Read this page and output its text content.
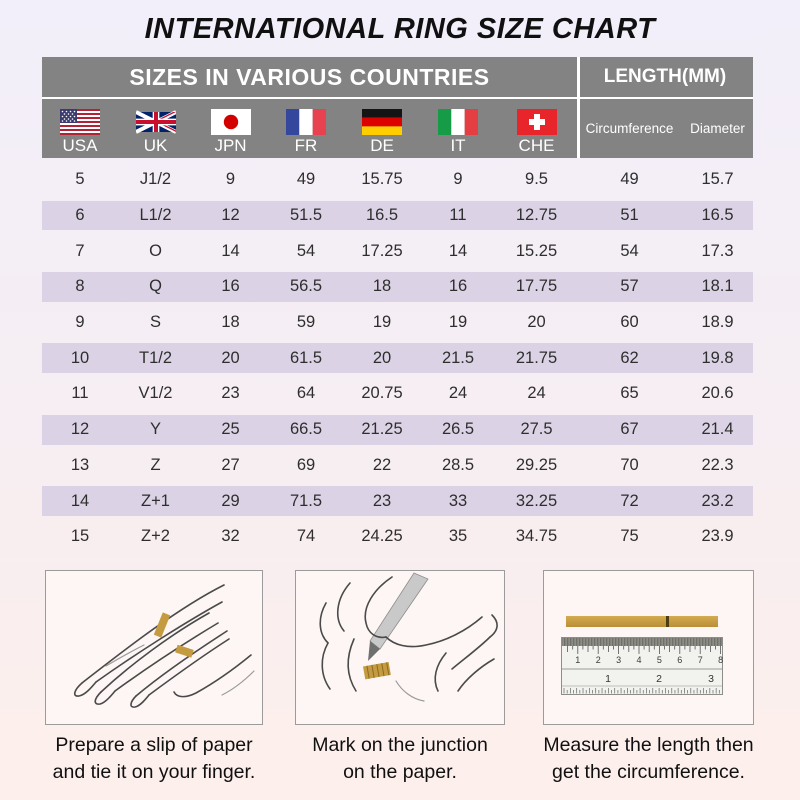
INTERNATIONAL RING SIZE CHART
SIZES IN VARIOUS COUNTRIES	LENGTH(MM)
USA	UK	JPN	FR	DE	IT	CHE
Circumference	Diameter
5	J1/2	9	49	15.75	9	9.5	49	15.7
6	L1/2	12	51.5	16.5	11	12.75	51	16.5
7	O	14	54	17.25	14	15.25	54	17.3
8	Q	16	56.5	18	16	17.75	57	18.1
9	S	18	59	19	19	20	60	18.9
10	T1/2	20	61.5	20	21.5	21.75	62	19.8
11	V1/2	23	64	20.75	24	24	65	20.6
12	Y	25	66.5	21.25	26.5	27.5	67	21.4
13	Z	27	69	22	28.5	29.25	70	22.3
14	Z+1	29	71.5	23	33	32.25	72	23.2
15	Z+2	32	74	24.25	35	34.75	75	23.9
Prepare a slip of paper
and tie it on your finger.
Mark on the junction
on the paper.
1 2 3 4 5 6 7 8
1	2	3
Measure the length then
get the circumference.
